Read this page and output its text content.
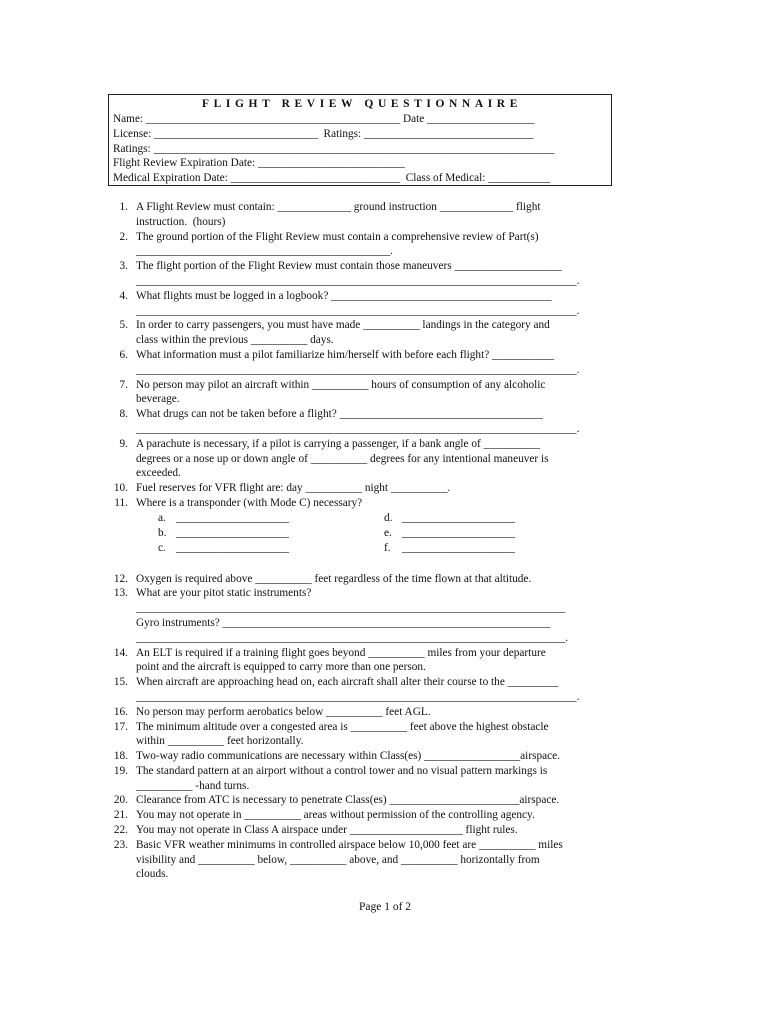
FLIGHT REVIEW QUESTIONNAIRE
Name: _____________________________________________ Date ___________________
License: _____________________________  Ratings: ______________________________
Ratings: _______________________________________________________________________
Flight Review Expiration Date: __________________________
Medical Expiration Date: ______________________________  Class of Medical: ___________
1. A Flight Review must contain: _____________ ground instruction _____________ flight
instruction.  (hours)
2. The ground portion of the Flight Review must contain a comprehensive review of Part(s)
_____________________________________________.
3. The flight portion of the Flight Review must contain those maneuvers ___________________
______________________________________________________________________________.
4. What flights must be logged in a logbook? _______________________________________
______________________________________________________________________________.
5. In order to carry passengers, you must have made __________ landings in the category and
class within the previous __________ days.
6. What information must a pilot familiarize him/herself with before each flight? ___________
______________________________________________________________________________.
7. No person may pilot an aircraft within __________ hours of consumption of any alcoholic
beverage.
8. What drugs can not be taken before a flight? ____________________________________
______________________________________________________________________________.
9. A parachute is necessary, if a pilot is carrying a passenger, if a bank angle of __________
degrees or a nose up or down angle of __________ degrees for any intentional maneuver is
exceeded.
10. Fuel reserves for VFR flight are: day __________ night __________.
11. Where is a transponder (with Mode C) necessary?
a. ____________________
b. ____________________
c. ____________________
d. ____________________
e. ____________________
f. ____________________
12. Oxygen is required above __________ feet regardless of the time flown at that altitude.
13. What are your pitot static instruments?
____________________________________________________________________________
Gyro instruments? __________________________________________________________
____________________________________________________________________________.
14. An ELT is required if a training flight goes beyond __________ miles from your departure
point and the aircraft is equipped to carry more than one person.
15. When aircraft are approaching head on, each aircraft shall alter their course to the _________
______________________________________________________________________________.
16. No person may perform aerobatics below __________ feet AGL.
17. The minimum altitude over a congested area is __________ feet above the highest obstacle
within __________ feet horizontally.
18. Two-way radio communications are necessary within Class(es) _________________airspace.
19. The standard pattern at an airport without a control tower and no visual pattern markings is
__________ -hand turns.
20. Clearance from ATC is necessary to penetrate Class(es) _______________________airspace.
21. You may not operate in __________ areas without permission of the controlling agency.
22. You may not operate in Class A airspace under ____________________ flight rules.
23. Basic VFR weather minimums in controlled airspace below 10,000 feet are __________ miles
visibility and __________ below, __________ above, and __________ horizontally from
clouds.
Page 1 of 2
